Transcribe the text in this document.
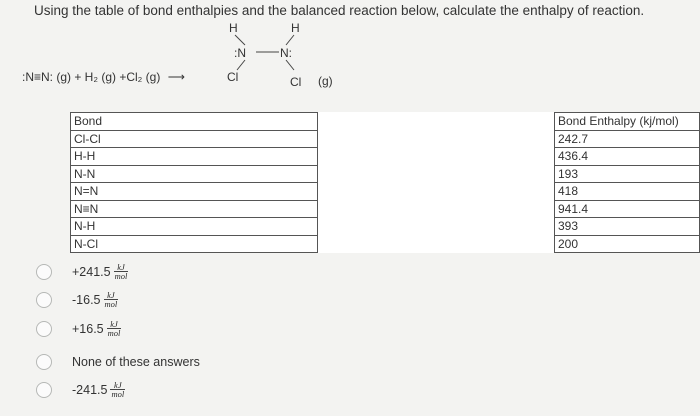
Using the table of bond enthalpies and the balanced reaction below, calculate the enthalpy of reaction.
H	H
:N	N:
Cl	Cl
:N≡N: (g) + H₂ (g) +Cl₂ (g) ⟶	(g)
Bond		Bond Enthalpy (kj/mol)
Cl-Cl		242.7
H-H		436.4
N-N		193
N=N		418
N≡N		941.4
N-H		393
N-Cl		200
$+241.5 \frac{kJ}{\text{mol}}$
$-16.5 \frac{kJ}{\text{mol}}$
$+16.5 \frac{kJ}{\text{mol}}$
None of these answers
$-241.5 \frac{kJ}{\text{mol}}$
